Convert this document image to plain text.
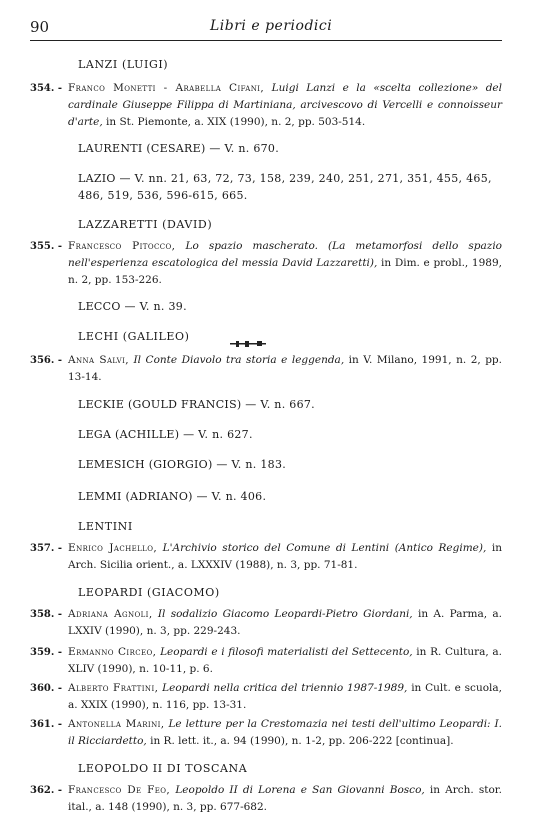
90	Libri e periodici
LANZI (LUIGI)
354. - Franco Monetti - Arabella Cifani, Luigi Lanzi e la «scelta collezione» del cardinale Giuseppe Filippa di Martiniana, arcivescovo di Vercelli e connoisseur d'arte, in St. Piemonte, a. XIX (1990), n. 2, pp. 503-514.
LAURENTI (CESARE) — V. n. 670.
LAZIO — V. nn. 21, 63, 72, 73, 158, 239, 240, 251, 271, 351, 455, 465, 486, 519, 536, 596-615, 665.
LAZZARETTI (DAVID)
355. - Francesco Pitocco, Lo spazio mascherato. (La metamorfosi dello spazio nell'esperienza escatologica del messia David Lazzaretti), in Dim. e probl., 1989, n. 2, pp. 153-226.
LECCO — V. n. 39.
LECHI (GALILEO)
356. - Anna Salvi, Il Conte Diavolo tra storia e leggenda, in V. Milano, 1991, n. 2, pp. 13-14.
LECKIE (GOULD FRANCIS) — V. n. 667.
LEGA (ACHILLE) — V. n. 627.
LEMESICH (GIORGIO) — V. n. 183.
LEMMI (ADRIANO) — V. n. 406.
LENTINI
357. - Enrico Jachello, L'Archivio storico del Comune di Lentini (Antico Regime), in Arch. Sicilia orient., a. LXXXIV (1988), n. 3, pp. 71-81.
LEOPARDI (GIACOMO)
358. - Adriana Agnoli, Il sodalizio Giacomo Leopardi-Pietro Giordani, in A. Parma, a. LXXIV (1990), n. 3, pp. 229-243.
359. - Ermanno Circeo, Leopardi e i filosofi materialisti del Settecento, in R. Cultura, a. XLIV (1990), n. 10-11, p. 6.
360. - Alberto Frattini, Leopardi nella critica del triennio 1987-1989, in Cult. e scuola, a. XXIX (1990), n. 116, pp. 13-31.
361. - Antonella Marini, Le letture per la Crestomazia nei testi dell'ultimo Leopardi: I. il Ricciardetto, in R. lett. it., a. 94 (1990), n. 1-2, pp. 206-222 [continua].
LEOPOLDO II DI TOSCANA
362. - Francesco De Feo, Leopoldo II di Lorena e San Giovanni Bosco, in Arch. stor. ital., a. 148 (1990), n. 3, pp. 677-682.
